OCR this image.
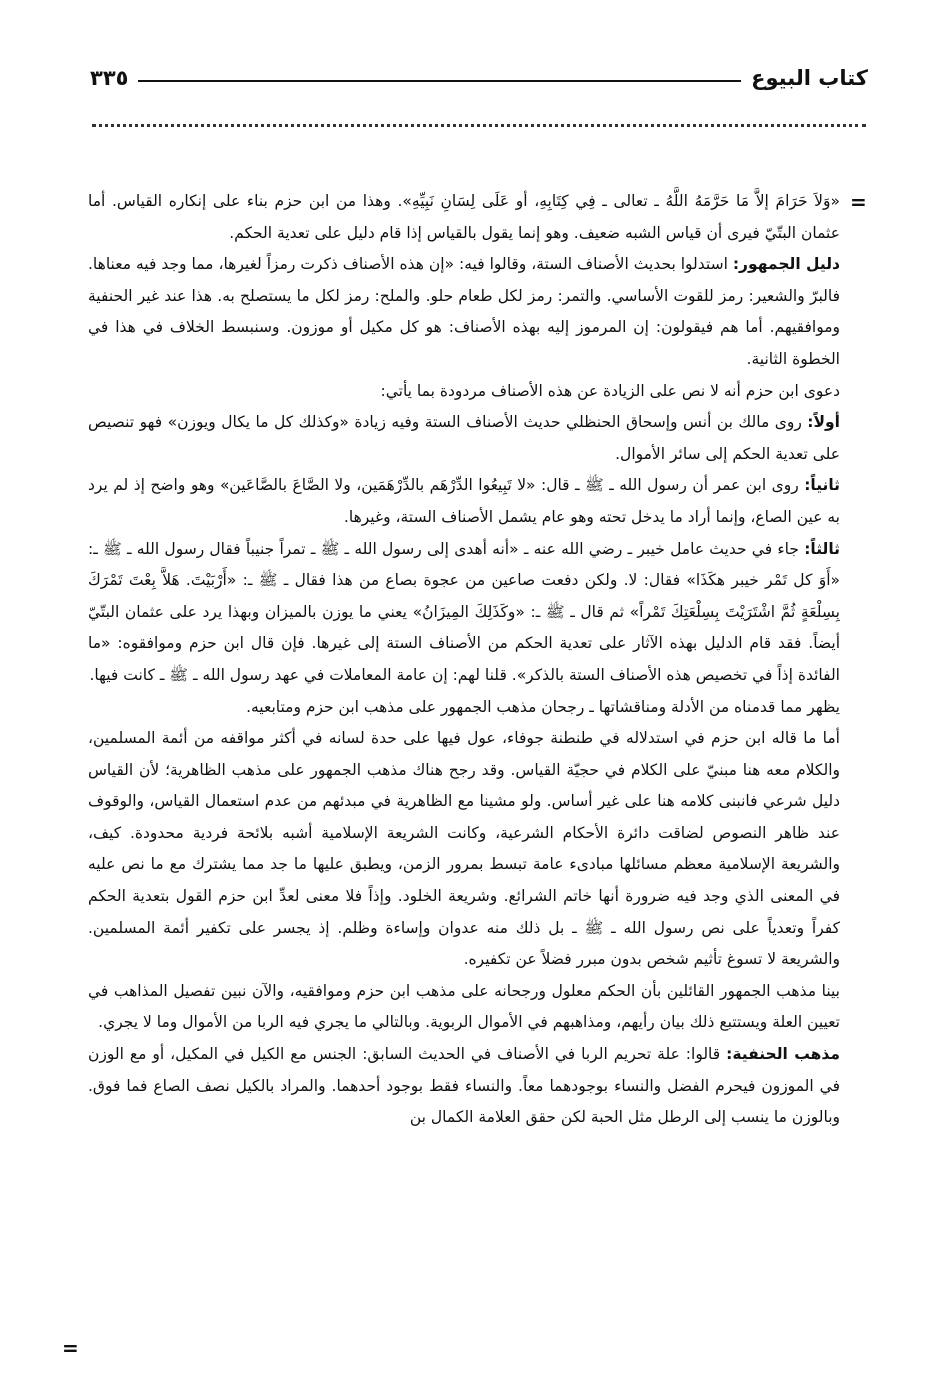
كتاب البيوع
٣٣٥
=

«وَلاَ حَرَامَ إلاَّ مَا حَرَّمَهُ اللَّهُ ـ تعالى ـ فِي كِتَابِهِ، أو عَلَى لِسَانِ نَبِيِّهِ». وهذا من ابن حزم بناء على إنكاره القياس. أما عثمان البتّيّ فيرى أن قياس الشبه ضعيف. وهو إنما يقول بالقياس إذا قام دليل على تعدية الحكم.

دليل الجمهور: استدلوا بحديث الأصناف الستة، وقالوا فيه: «إن هذه الأصناف ذكرت رمزاً لغيرها، مما وجد فيه معناها. فالبرّ والشعير: رمز للقوت الأساسي. والتمر: رمز لكل طعام حلو. والملح: رمز لكل ما يستصلح به. هذا عند غير الحنفية وموافقيهم. أما هم فيقولون: إن المرموز إليه بهذه الأصناف: هو كل مكيل أو موزون. وسنبسط الخلاف في هذا في الخطوة الثانية.

دعوى ابن حزم أنه لا نص على الزيادة عن هذه الأصناف مردودة بما يأتي:

أولاً: روى مالك بن أنس وإسحاق الحنظلي حديث الأصناف الستة وفيه زيادة «وكذلك كل ما يكال ويوزن» فهو تنصيص على تعدية الحكم إلى سائر الأموال.

ثانياً: روى ابن عمر أن رسول الله ـ ﷺ ـ قال: «لا تَبِيعُوا الدِّرْهَم بالدِّرْهَمَين، ولا الصَّاعَ بالصَّاعَين» وهو واضح إذ لم يرد به عين الصاع، وإنما أراد ما يدخل تحته وهو عام يشمل الأصناف الستة، وغيرها.

ثالثاً: جاء في حديث عامل خيبر ـ رضي الله عنه ـ «أنه أهدى إلى رسول الله ـ ﷺ ـ تمراً جنيباً فقال رسول الله ـ ﷺ ـ: «أَوَ كل تَمْر خيبر هكَذَا» فقال: لا. ولكن دفعت صاعين من عجوة بصاع من هذا فقال ـ ﷺ ـ: «أَرْبَيْتَ. هَلاَّ بِعْتَ تَمْرَكَ بِسِلْعَةٍ ثُمَّ اشْتَرَيْتَ بِسِلْعَتِكَ تَمْراً» ثم قال ـ ﷺ ـ: «وكَذَلِكَ المِيزَانُ» يعني ما يوزن بالميزان وبهذا يرد على عثمان البتّيّ أيضاً. فقد قام الدليل بهذه الآثار على تعدية الحكم من الأصناف الستة إلى غيرها. فإن قال ابن حزم وموافقوه: «ما الفائدة إذاً في تخصيص هذه الأصناف الستة بالذكر». قلنا لهم: إن عامة المعاملات في عهد رسول الله ـ ﷺ ـ كانت فيها.

يظهر مما قدمناه من الأدلة ومناقشاتها ـ رجحان مذهب الجمهور على مذهب ابن حزم ومتابعيه.

أما ما قاله ابن حزم في استدلاله في طنطنة جوفاء، عول فيها على حدة لسانه في أكثر مواقفه من أئمة المسلمين، والكلام معه هنا مبنيّ على الكلام في حجيّة القياس. وقد رجح هناك مذهب الجمهور على مذهب الظاهرية؛ لأن القياس دليل شرعي فانبنى كلامه هنا على غير أساس. ولو مشينا مع الظاهرية في مبدئهم من عدم استعمال القياس، والوقوف عند ظاهر النصوص لضاقت دائرة الأحكام الشرعية، وكانت الشريعة الإسلامية أشبه بلائحة فردية محدودة. كيف، والشريعة الإسلامية معظم مسائلها مبادىء عامة تبسط بمرور الزمن، ويطبق عليها ما جد مما يشترك مع ما نص عليه في المعنى الذي وجد فيه ضرورة أنها خاتم الشرائع. وشريعة الخلود. وإذاً فلا معنى لعدِّ ابن حزم القول بتعدية الحكم كفراً وتعدياً على نص رسول الله ـ ﷺ ـ بل ذلك منه عدوان وإساءة وظلم. إذ يجسر على تكفير أئمة المسلمين. والشريعة لا تسوغ تأثيم شخص بدون مبرر فضلاً عن تكفيره.

بينا مذهب الجمهور القائلين بأن الحكم معلول ورجحانه على مذهب ابن حزم وموافقيه، والآن نبين تفصيل المذاهب في تعيين العلة ويستتبع ذلك بيان رأيهم، ومذاهبهم في الأموال الربوية. وبالتالي ما يجري فيه الربا من الأموال وما لا يجري.

مذهب الحنفية: قالوا: علة تحريم الربا في الأصناف في الحديث السابق: الجنس مع الكيل في المكيل، أو مع الوزن في الموزون فيحرم الفضل والنساء بوجودهما معاً. والنساء فقط بوجود أحدهما. والمراد بالكيل نصف الصاع فما فوق. وبالوزن ما ينسب إلى الرطل مثل الحبة لكن حقق العلامة الكمال بن

=
